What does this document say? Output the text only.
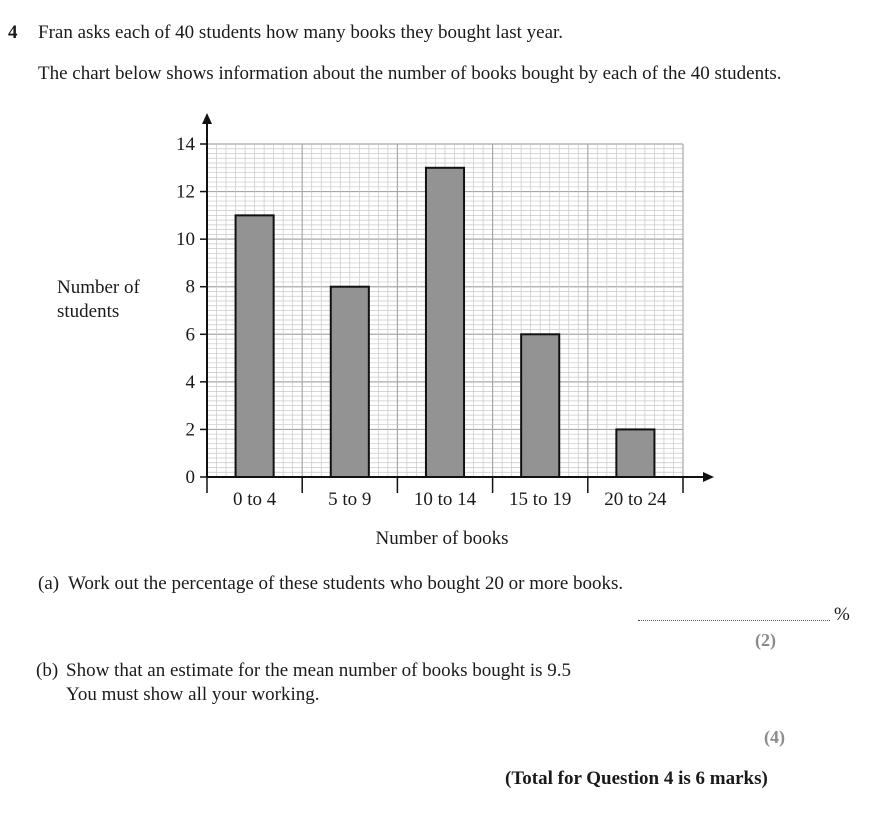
4 Fran asks each of 40 students how many books they bought last year.
The chart below shows information about the number of books bought by each of the 40 students.
Number of
students
Number of books
0
2
4
6
8
10
12
14
0 to 4	5 to 9 10 to 14 15 to 19 20 to 24
(a) Work out the percentage of these students who bought 20 or more books.
%
(2)
(b) Show that an estimate for the mean number of books bought is 9.5
You must show all your working.
(4)
(Total for Question 4 is 6 marks)
